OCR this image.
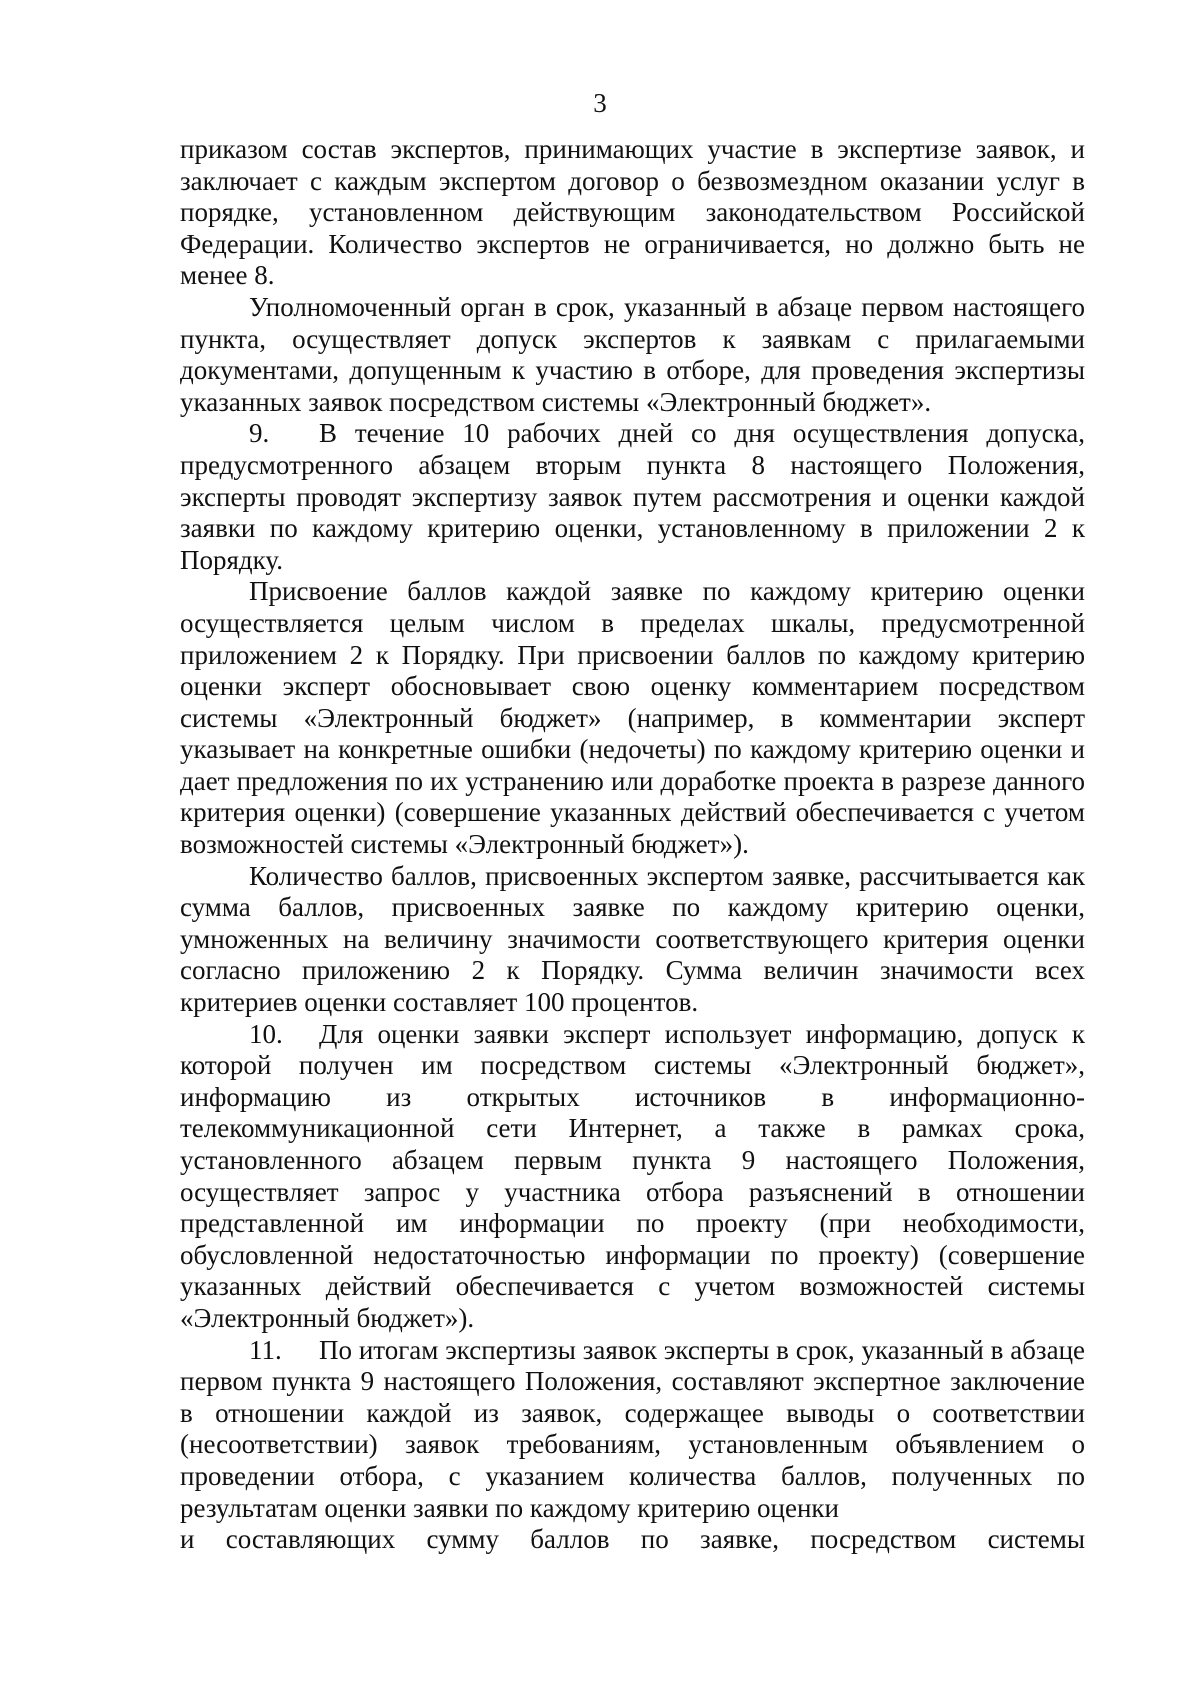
3

приказом состав экспертов, принимающих участие в экспертизе заявок, и заключает с каждым экспертом договор о безвозмездном оказании услуг в порядке, установленном действующим законодательством Российской Федерации. Количество экспертов не ограничивается, но должно быть не менее 8.

Уполномоченный орган в срок, указанный в абзаце первом настоящего пункта, осуществляет допуск экспертов к заявкам с прилагаемыми документами, допущенным к участию в отборе, для проведения экспертизы указанных заявок посредством системы «Электронный бюджет».

9. В течение 10 рабочих дней со дня осуществления допуска, предусмотренного абзацем вторым пункта 8 настоящего Положения, эксперты проводят экспертизу заявок путем рассмотрения и оценки каждой заявки по каждому критерию оценки, установленному в приложении 2 к Порядку.

Присвоение баллов каждой заявке по каждому критерию оценки осуществляется целым числом в пределах шкалы, предусмотренной приложением 2 к Порядку. При присвоении баллов по каждому критерию оценки эксперт обосновывает свою оценку комментарием посредством системы «Электронный бюджет» (например, в комментарии эксперт указывает на конкретные ошибки (недочеты) по каждому критерию оценки и дает предложения по их устранению или доработке проекта в разрезе данного критерия оценки) (совершение указанных действий обеспечивается с учетом возможностей системы «Электронный бюджет»).

Количество баллов, присвоенных экспертом заявке, рассчитывается как сумма баллов, присвоенных заявке по каждому критерию оценки, умноженных на величину значимости соответствующего критерия оценки согласно приложению 2 к Порядку. Сумма величин значимости всех критериев оценки составляет 100 процентов.

10. Для оценки заявки эксперт использует информацию, допуск к которой получен им посредством системы «Электронный бюджет», информацию из открытых источников в информационно-телекоммуникационной сети Интернет, а также в рамках срока, установленного абзацем первым пункта 9 настоящего Положения, осуществляет запрос у участника отбора разъяснений в отношении представленной им информации по проекту (при необходимости, обусловленной недостаточностью информации по проекту) (совершение указанных действий обеспечивается с учетом возможностей системы «Электронный бюджет»).

11. По итогам экспертизы заявок эксперты в срок, указанный в абзаце первом пункта 9 настоящего Положения, составляют экспертное заключение в отношении каждой из заявок, содержащее выводы о соответствии (несоответствии) заявок требованиям, установленным объявлением о проведении отбора, с указанием количества баллов, полученных по результатам оценки заявки по каждому критерию оценки

и составляющих сумму баллов по заявке, посредством системы
